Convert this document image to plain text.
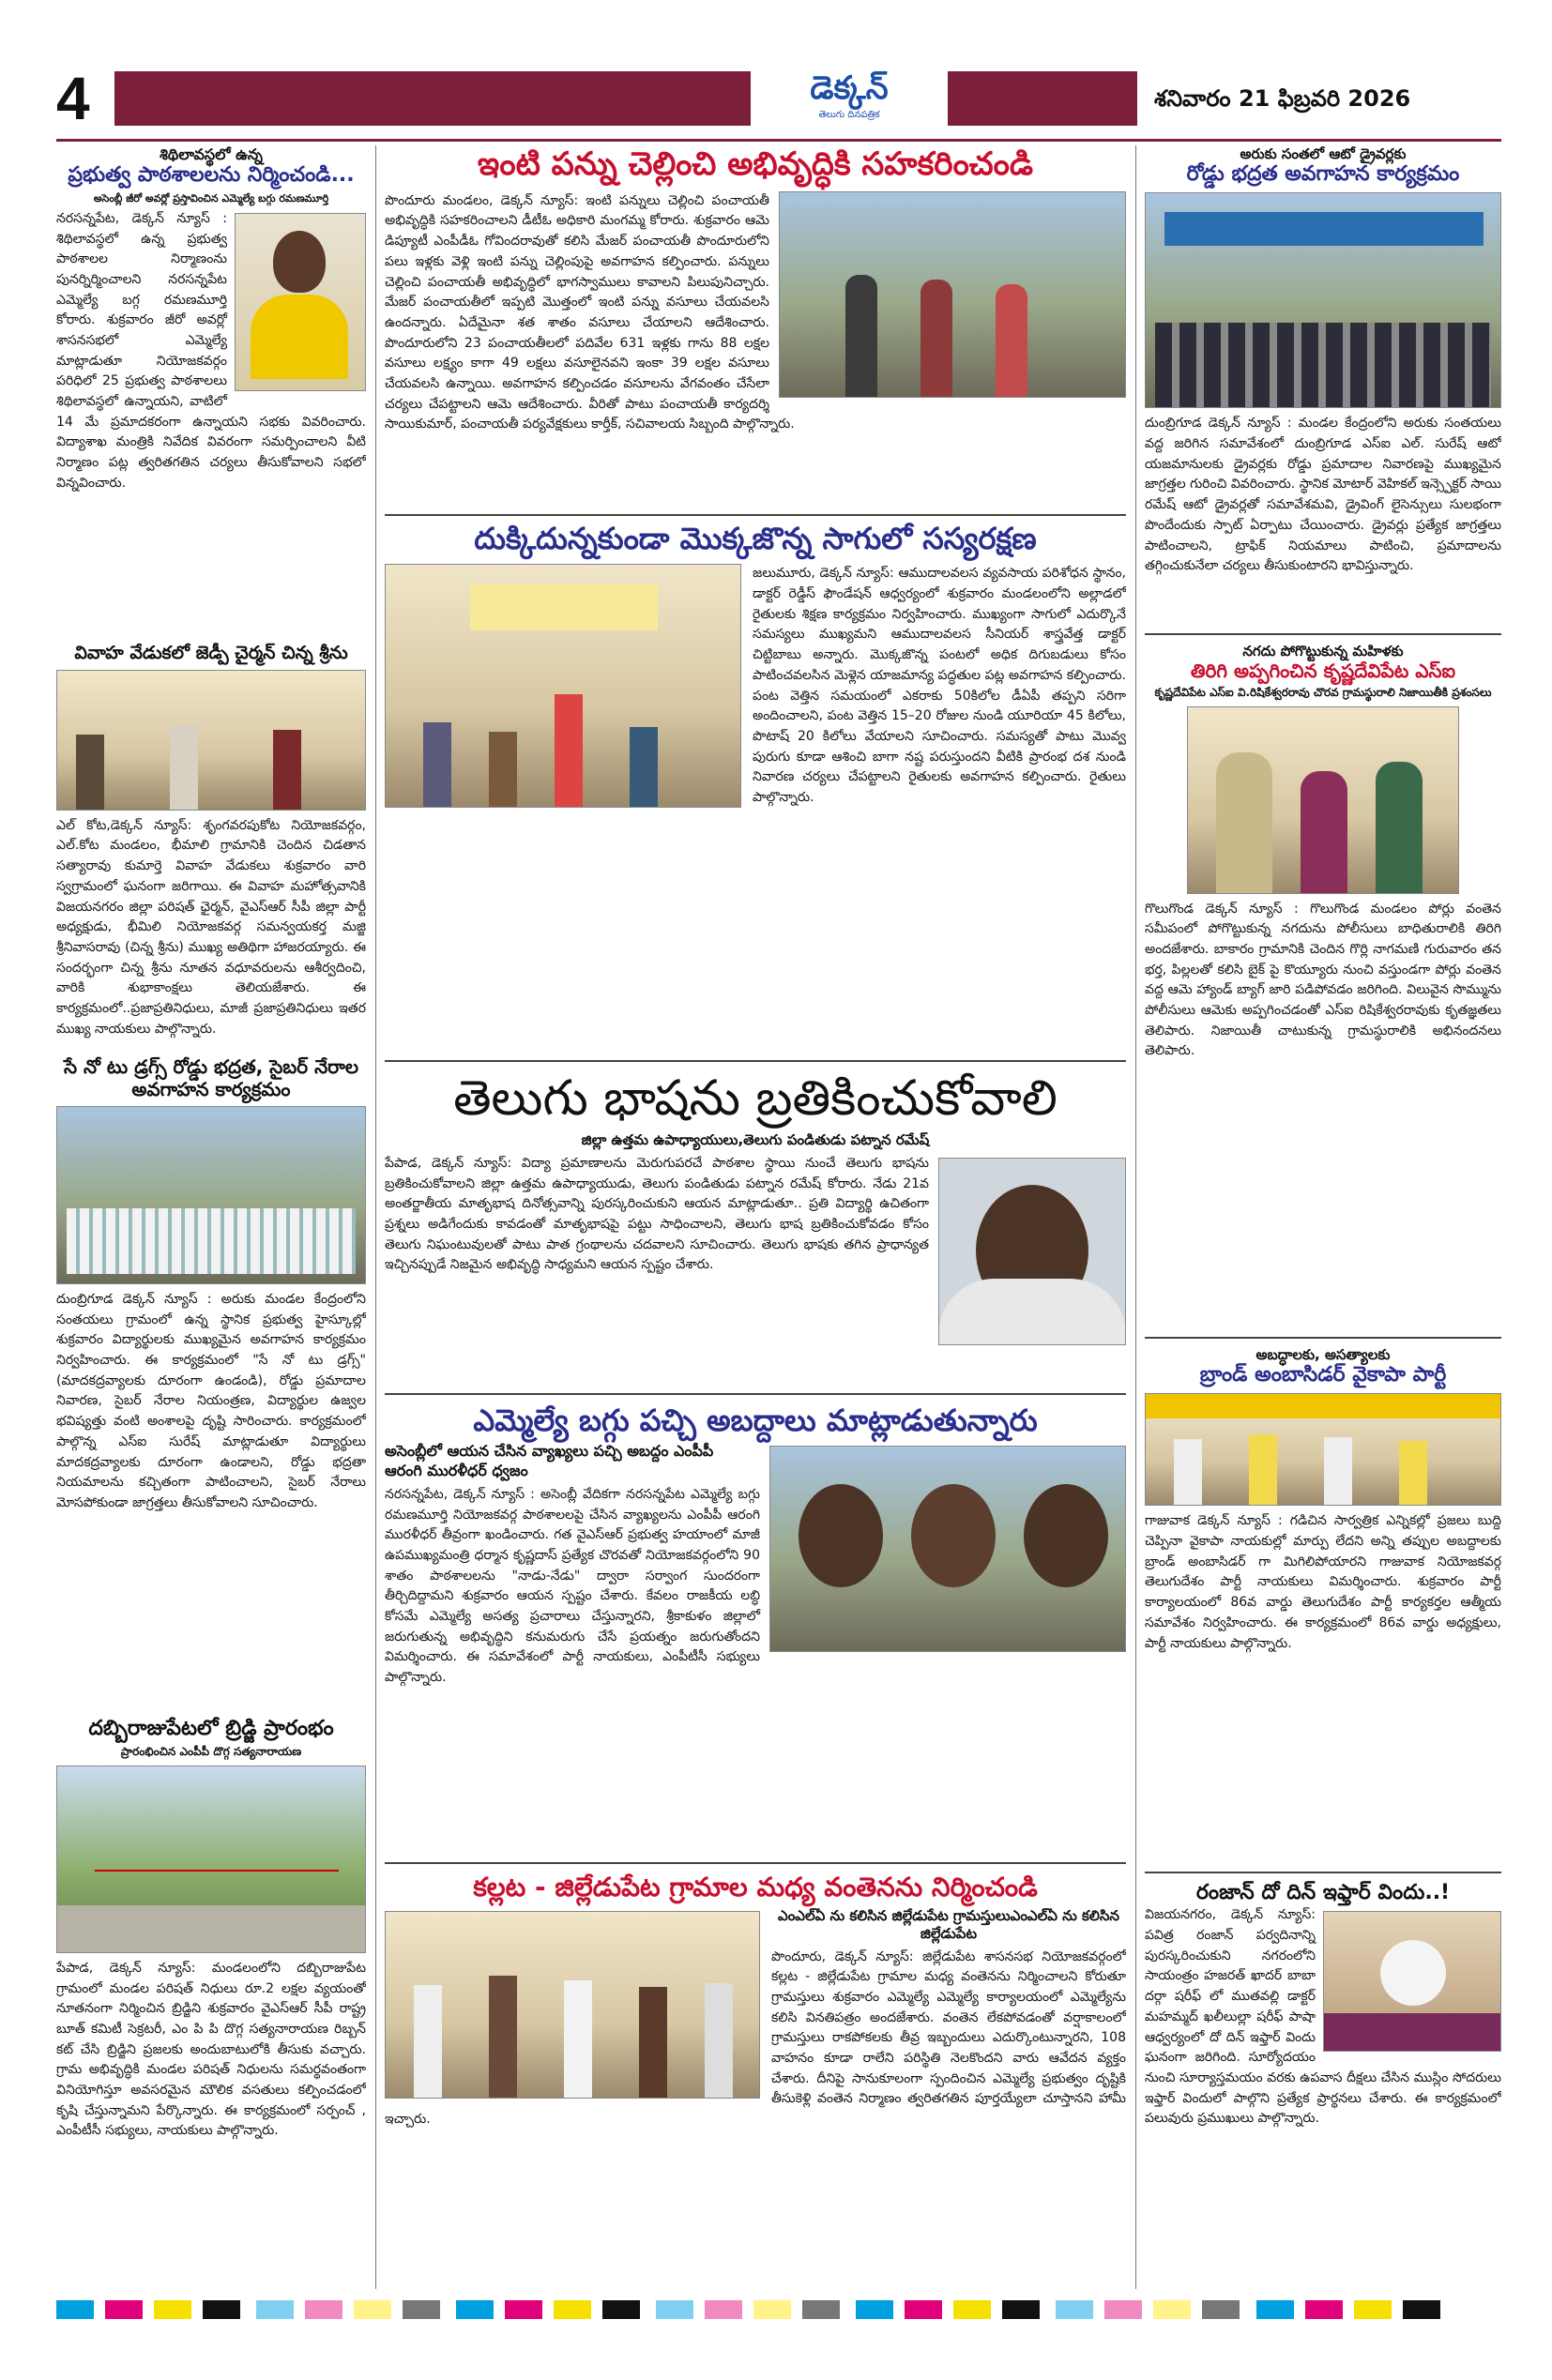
4	డెక్కన్
తెలుగు దినపత్రిక
శనివారం 21 ఫిబ్రవరి 2026
శిథిలావస్థలో ఉన్న
ప్రభుత్వ పాఠశాలలను నిర్మించండి...
అసెంబ్లీ జీరో అవర్లో ప్రస్తావించిన ఎమ్మెల్యే బగ్గు రమణమూర్తి

నరసన్నపేట, డెక్కన్ న్యూస్ : శిథిలావస్థలో ఉన్న ప్రభుత్వ పాఠశాలల నిర్మాణంను పునర్నిర్మించాలని నరసన్నపేట ఎమ్మెల్యే బగ్గ రమణమూర్తి కోరారు. శుక్రవారం జీరో అవర్లో శాసనసభలో ఎమ్మెల్యే మాట్లాడుతూ నియోజకవర్గం పరిధిలో 25 ప్రభుత్వ పాఠశాలలు శిథిలావస్థలో ఉన్నాయని, వాటిలో 14 మే ప్రమాదకరంగా ఉన్నాయని సభకు వివరించారు. విద్యాశాఖ మంత్రికి నివేదిక వివరంగా సమర్పించాలని వీటి నిర్మాణం పట్ల త్వరితగతిన చర్యలు తీసుకోవాలని సభలో విన్నవించారు.

వివాహ వేడుకలో జెడ్పీ చైర్మన్ చిన్న శ్రీను

ఎల్ కోట,డెక్కన్ న్యూస్: శృంగవరపుకోట నియోజకవర్గం, ఎల్.కోట మండలం, భీమాలి గ్రామానికి చెందిన చిడతాన సత్యారావు కుమార్తె వివాహ వేడుకలు శుక్రవారం వారి స్వగ్రామంలో ఘనంగా జరిగాయి. ఈ వివాహ మహోత్సవానికి విజయనగరం జిల్లా పరిషత్ ఛైర్మన్, వైఎస్ఆర్ సీపీ జిల్లా పార్టీ అధ్యక్షుడు, భీమిలి నియోజకవర్గ సమన్వయకర్త మజ్జి శ్రీనివాసరావు (చిన్న శ్రీను) ముఖ్య అతిథిగా హాజరయ్యారు. ఈ సందర్భంగా చిన్న శ్రీను నూతన వధూవరులను ఆశీర్వదించి, వారికి శుభాకాంక్షలు తెలియజేశారు. ఈ కార్యక్రమంలో..ప్రజాప్రతినిధులు, మాజీ ప్రజాప్రతినిధులు ఇతర ముఖ్య నాయకులు పాల్గొన్నారు.

సే నో టు డ్రగ్స్ రోడ్డు భద్రత, సైబర్ నేరాల అవగాహన కార్యక్రమం

దుంబ్రిగూడ డెక్కన్ న్యూస్ : అరుకు మండల కేంద్రంలోని సంతయలు గ్రామంలో ఉన్న స్థానిక ప్రభుత్వ హైస్కూల్లో శుక్రవారం విద్యార్థులకు ముఖ్యమైన అవగాహన కార్యక్రమం నిర్వహించారు. ఈ కార్యక్రమంలో "సే నో టు డ్రగ్స్" (మాదకద్రవ్యాలకు దూరంగా ఉండండి), రోడ్డు ప్రమాదాల నివారణ, సైబర్ నేరాల నియంత్రణ, విద్యార్థుల ఉజ్వల భవిష్యత్తు వంటి అంశాలపై దృష్టి సారించారు. కార్యక్రమంలో పాల్గొన్న ఎస్ఐ సురేష్ మాట్లాడుతూ విద్యార్థులు మాదకద్రవ్యాలకు దూరంగా ఉండాలని, రోడ్డు భద్రతా నియమాలను కచ్చితంగా పాటించాలని, సైబర్ నేరాలు మోసపోకుండా జాగ్రత్తలు తీసుకోవాలని సూచించారు.

దబ్బిరాజుపేటలో బ్రిడ్జి ప్రారంభం
ప్రారంభించిన ఎంపీపీ దొగ్గ సత్యనారాయణ

పేపాడ, డెక్కన్ న్యూస్: మండలంలోని దబ్బిరాజుపేట గ్రామంలో మండల పరిషత్ నిధులు రూ.2 లక్షల వ్యయంతో నూతనంగా నిర్మించిన బ్రిడ్జిని శుక్రవారం వైఎస్ఆర్ సీపీ రాష్ట్ర బూత్ కమిటీ సెక్రటరీ, ఎం పి పి దొగ్గ సత్యనారాయణ రిబ్బన్ కట్ చేసి బ్రిడ్జిని ప్రజలకు అందుబాటులోకి తీసుకు వచ్చారు. గ్రామ అభివృద్ధికి మండల పరిషత్ నిధులను సమర్థవంతంగా వినియోగిస్తూ అవసరమైన మౌలిక వసతులు కల్పించడంలో కృషి చేస్తున్నామని పేర్కొన్నారు. ఈ కార్యక్రమంలో సర్పంచ్ , ఎంపీటీసీ సభ్యులు, నాయకులు పాల్గొన్నారు.

ఇంటి పన్ను చెల్లించి అభివృద్ధికి సహకరించండి

పొందూరు మండలం, డెక్కన్ న్యూస్: ఇంటి పన్నులు చెల్లించి పంచాయతీ అభివృద్ధికి సహకరించాలని డీటీఓ అధికారి మంగమ్మ కోరారు. శుక్రవారం ఆమె డిప్యూటీ ఎంపీడీఓ గోవిందరావుతో కలిసి మేజర్ పంచాయతీ పొందూరులోని పలు ఇళ్లకు వెళ్లి ఇంటి పన్ను చెల్లింపుపై అవగాహన కల్పించారు. పన్నులు చెల్లించి పంచాయతీ అభివృద్ధిలో భాగస్వాములు కావాలని పిలుపునిచ్చారు. మేజర్ పంచాయతీలో ఇప్పటి మొత్తంలో ఇంటి పన్ను వసూలు చేయవలసి ఉందన్నారు. ఏదేమైనా శత శాతం వసూలు చేయాలని ఆదేశించారు. పొందూరులోని 23 పంచాయతీలలో పదివేల 631 ఇళ్లకు గాను 88 లక్షల వసూలు లక్ష్యం కాగా 49 లక్షలు వసూలైనవని ఇంకా 39 లక్షల వసూలు చేయవలసి ఉన్నాయి. అవగాహన కల్పించడం వసూలను వేగవంతం చేసేలా చర్యలు చేపట్టాలని ఆమె ఆదేశించారు. వీరితో పాటు పంచాయతీ కార్యదర్శి సాయికుమార్, పంచాయతీ పర్యవేక్షకులు కార్తీక్, సచివాలయ సిబ్బంది పాల్గొన్నారు.

దుక్కిదున్నకుండా మొక్కజొన్న సాగులో సస్యరక్షణ

జలుమూరు, డెక్కన్ న్యూస్: ఆముదాలవలస వ్యవసాయ పరిశోధన స్థానం, డాక్టర్ రెడ్డీస్ ఫౌండేషన్ ఆధ్వర్యంలో శుక్రవారం మండలంలోని అల్లాడలో రైతులకు శిక్షణ కార్యక్రమం నిర్వహించారు. ముఖ్యంగా సాగులో ఎదుర్కొనే సమస్యలు ముఖ్యమని ఆముదాలవలస సీనియర్ శాస్త్రవేత్త డాక్టర్ చిట్టిబాబు అన్నారు. మొక్కజొన్న పంటలో అధిక దిగుబడులు కోసం పాటించవలసిన మెళ్లెన యాజమాన్య పద్ధతుల పట్ల అవగాహన కల్పించారు. పంట వెత్తిన సమయంలో ఎకరాకు 50కిలోల డీఏపీ తప్పని సరిగా అందించాలని, పంట వెత్తిన 15–20 రోజుల నుండి యూరియా 45 కిలోలు, పొటాష్ 20 కిలోలు వేయాలని సూచించారు. సమస్యతో పాటు మొవ్వ పురుగు కూడా ఆశించి బాగా నష్ట పరుస్తుందని వీటికి ప్రారంభ దశ నుండి నివారణ చర్యలు చేపట్టాలని రైతులకు అవగాహన కల్పించారు. రైతులు పాల్గొన్నారు.

తెలుగు భాషను బ్రతికించుకోవాలి
జిల్లా ఉత్తమ ఉపాధ్యాయులు,తెలుగు పండితుడు పట్నాన రమేష్

పేపాడ, డెక్కన్ న్యూస్: విద్యా ప్రమాణాలను మెరుగుపరచే పాఠశాల స్థాయి నుంచే తెలుగు భాషను బ్రతికించుకోవాలని జిల్లా ఉత్తమ ఉపాధ్యాయుడు, తెలుగు పండితుడు పట్నాన రమేష్ కోరారు. నేడు 21వ అంతర్జాతీయ మాతృభాష దినోత్సవాన్ని పురస్కరించుకుని ఆయన మాట్లాడుతూ.. ప్రతి విద్యార్థి ఉచితంగా ప్రశ్నలు అడిగేందుకు కావడంతో మాతృభాషపై పట్టు సాధించాలని, తెలుగు భాష బ్రతికించుకోవడం కోసం తెలుగు నిఘంటువులతో పాటు పాత గ్రంథాలను చదవాలని సూచించారు. తెలుగు భాషకు తగిన ప్రాధాన్యత ఇచ్చినప్పుడే నిజమైన అభివృద్ధి సాధ్యమని ఆయన స్పష్టం చేశారు.

ఎమ్మెల్యే బగ్గు పచ్చి అబద్దాలు మాట్లాడుతున్నారు
అసెంబ్లీలో ఆయన చేసిన వ్యాఖ్యలు పచ్చి అబద్దం ఎంపీపీ ఆరంగి మురళీధర్ ధ్వజం

నరసన్నపేట, డెక్కన్ న్యూస్ : అసెంబ్లీ వేదికగా నరసన్నపేట ఎమ్మెల్యే బగ్గు రమణమూర్తి నియోజకవర్గ పాఠశాలలపై చేసిన వ్యాఖ్యలను ఎంపీపీ ఆరంగి మురళీధర్ తీవ్రంగా ఖండించారు. గత వైఎస్ఆర్ ప్రభుత్వ హయాంలో మాజీ ఉపముఖ్యమంత్రి ధర్మాన కృష్ణదాస్ ప్రత్యేక చొరవతో నియోజకవర్గంలోని 90 శాతం పాఠశాలలను "నాడు-నేడు" ద్వారా సర్వాంగ సుందరంగా తీర్చిదిద్దామని శుక్రవారం ఆయన స్పష్టం చేశారు. కేవలం రాజకీయ లబ్ధి కోసమే ఎమ్మెల్యే అసత్య ప్రచారాలు చేస్తున్నారని, శ్రీకాకుళం జిల్లాలో జరుగుతున్న అభివృద్ధిని కనుమరుగు చేసే ప్రయత్నం జరుగుతోందని విమర్శించారు. ఈ సమావేశంలో పార్టీ నాయకులు, ఎంపీటీసీ సభ్యులు పాల్గొన్నారు.

కల్లట - జిల్లేడుపేట గ్రామాల మధ్య వంతెనను నిర్మించండి
ఎంఎల్ఏ ను కలిసిన జిల్లేడుపేట గ్రామస్తులుఎంఎల్ఏ ను కలిసిన జిల్లేడుపేట

పొందూరు, డెక్కన్ న్యూస్: జిల్లేడుపేట శాసనసభ నియోజకవర్గంలో కల్లట - జిల్లేడుపేట గ్రామాల మధ్య వంతెనను నిర్మించాలని కోరుతూ గ్రామస్తులు శుక్రవారం ఎమ్మెల్యే ఎమ్మెల్యే కార్యాలయంలో ఎమ్మెల్యేను కలిసి వినతిపత్రం అందజేశారు. వంతెన లేకపోవడంతో వర్షాకాలంలో గ్రామస్తులు రాకపోకలకు తీవ్ర ఇబ్బందులు ఎదుర్కొంటున్నారని, 108 వాహనం కూడా రాలేని పరిస్థితి నెలకొందని వారు ఆవేదన వ్యక్తం చేశారు. దీనిపై సానుకూలంగా స్పందించిన ఎమ్మెల్యే ప్రభుత్వం దృష్టికి తీసుకెళ్లి వంతెన నిర్మాణం త్వరితగతిన పూర్తయ్యేలా చూస్తానని హామీ ఇచ్చారు.

అరుకు సంతలో ఆటో డ్రైవర్లకు
రోడ్డు భద్రత అవగాహన కార్యక్రమం

దుంబ్రిగూడ డెక్కన్ న్యూస్ : మండల కేంద్రంలోని అరుకు సంతయలు వద్ద జరిగిన సమావేశంలో దుంబ్రిగూడ ఎస్ఐ ఎల్. సురేష్ ఆటో యజమానులకు డ్రైవర్లకు రోడ్డు ప్రమాదాల నివారణపై ముఖ్యమైన జాగ్రత్తల గురించి వివరించారు. స్థానిక మోటార్ వెహికల్ ఇన్స్పెక్టర్ సాయి రమేష్ ఆటో డ్రైవర్లతో సమావేశమవి, డ్రైవింగ్ లైసెన్సులు సులభంగా పొందేందుకు స్పాట్ ఏర్పాటు చేయించారు. డ్రైవర్లు ప్రత్యేక జాగ్రత్తలు పాటించాలని, ట్రాఫిక్ నియమాలు పాటించి, ప్రమాదాలను తగ్గించుకునేలా చర్యలు తీసుకుంటారని భావిస్తున్నారు.

నగదు పోగొట్టుకున్న మహిళకు
తిరిగి అప్పగించిన కృష్ణదేవిపేట ఎస్ఐ
కృష్ణదేవిపేట ఎస్ఐ వి.రిషికేశ్వరరావు చొరవ గ్రామస్థురాలి నిజాయితీకి ప్రశంసలు

గొలుగొండ డెక్కన్ న్యూస్ : గొలుగొండ మండలం పోర్లు వంతెన సమీపంలో పోగొట్టుకున్న నగదును పోలీసులు బాధితురాలికి తిరిగి అందజేశారు. బాకారం గ్రామానికి చెందిన గొర్లి నాగమణి గురువారం తన భర్త, పిల్లలతో కలిసి బైక్ పై కొయ్యూరు నుంచి వస్తుండగా పోర్లు వంతెన వద్ద ఆమె హ్యాండ్ బ్యాగ్ జారి పడిపోవడం జరిగింది. విలువైన సొమ్మును పోలీసులు ఆమెకు అప్పగించడంతో ఎస్ఐ రిషికేశ్వరరావుకు కృతజ్ఞతలు తెలిపారు. నిజాయితీ చాటుకున్న గ్రామస్థురాలికి అభినందనలు తెలిపారు.

అబద్ధాలకు, అసత్యాలకు
బ్రాండ్ అంబాసిడర్ వైకాపా పార్టీ

గాజువాక డెక్కన్ న్యూస్ : గడిచిన సార్వత్రిక ఎన్నికల్లో ప్రజలు బుద్ది చెప్పినా వైకాపా నాయకుల్లో మార్పు లేదని అన్ని తప్పుల అబద్దాలకు బ్రాండ్ అంబాసిడర్ గా మిగిలిపోయారని గాజువాక నియోజకవర్గ తెలుగుదేశం పార్టీ నాయకులు విమర్శించారు. శుక్రవారం పార్టీ కార్యాలయంలో 86వ వార్డు తెలుగుదేశం పార్టీ కార్యకర్తల ఆత్మీయ సమావేశం నిర్వహించారు. ఈ కార్యక్రమంలో 86వ వార్డు అధ్యక్షులు, పార్టీ నాయకులు పాల్గొన్నారు.

రంజాన్ దో దిన్ ఇఫ్తార్ విందు..!

విజయనగరం, డెక్కన్ న్యూస్: పవిత్ర రంజాన్ పర్వదినాన్ని పురస్కరించుకుని నగరంలోని సాయంత్రం హజరత్ ఖాదర్ బాబా దర్గా షరీఫ్ లో ముతవల్లి డాక్టర్ మహమ్మద్ ఖలీలుల్లా షరీఫ్ పాషా ఆధ్వర్యంలో దో దిన్ ఇఫ్తార్ విందు ఘనంగా జరిగింది. సూర్యోదయం నుంచి సూర్యాస్తమయం వరకు ఉపవాస దీక్షలు చేసిన ముస్లిం సోదరులు ఇఫ్తార్ విందులో పాల్గొని ప్రత్యేక ప్రార్థనలు చేశారు. ఈ కార్యక్రమంలో పలువురు ప్రముఖులు పాల్గొన్నారు.
